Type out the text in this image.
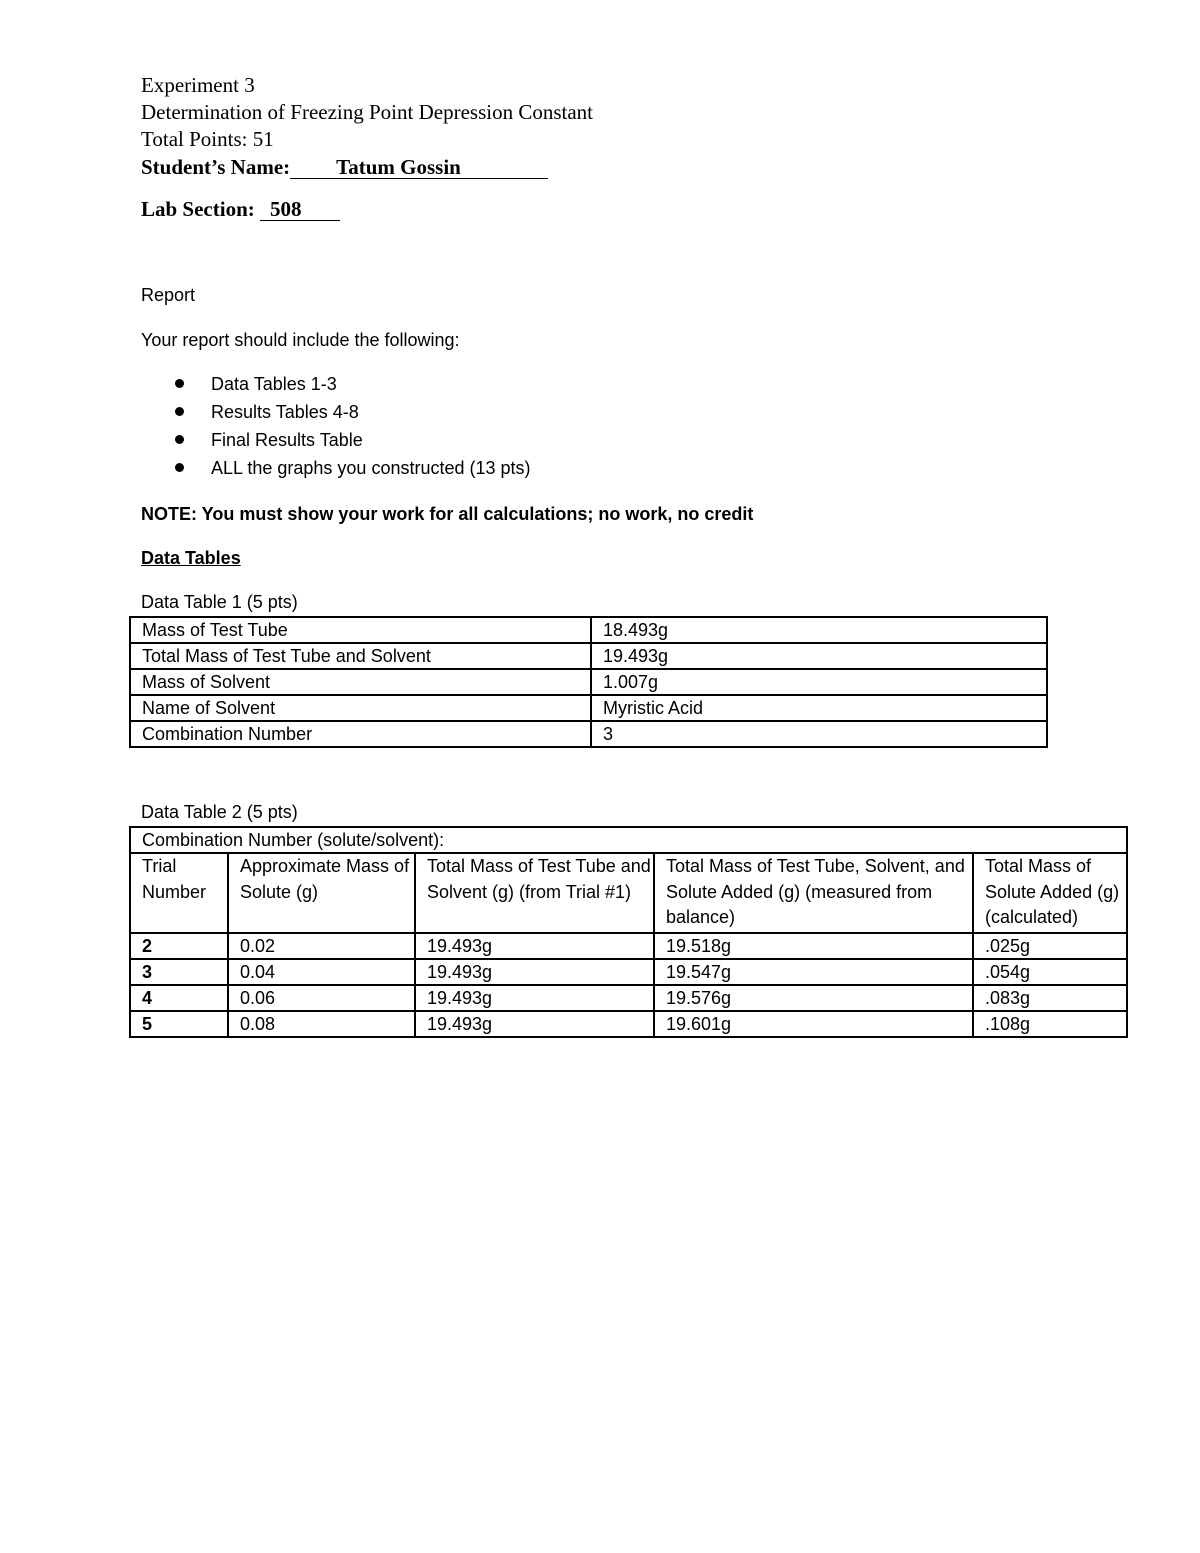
Experiment 3
Determination of Freezing Point Depression Constant
Total Points: 51
Student’s Name: Tatum Gossin
Lab Section: 508
Report
Your report should include the following:
Data Tables 1-3
Results Tables 4-8
Final Results Table
ALL the graphs you constructed (13 pts)
NOTE: You must show your work for all calculations; no work, no credit
Data Tables
Data Table 1 (5 pts)
Mass of Test Tube	18.493g
Total Mass of Test Tube and Solvent	19.493g
Mass of Solvent	1.007g
Name of Solvent	Myristic Acid
Combination Number	3
Data Table 2 (5 pts)
Combination Number (solute/solvent):				
Trial Number	Approximate Mass of Solute (g)	Total Mass of Test Tube and Solvent (g) (from Trial #1)	Total Mass of Test Tube, Solvent, and Solute Added (g) (measured from balance)	Total Mass of Solute Added (g) (calculated)
2	0.02	19.493g	19.518g	.025g
3	0.04	19.493g	19.547g	.054g
4	0.06	19.493g	19.576g	.083g
5	0.08	19.493g	19.601g	.108g
